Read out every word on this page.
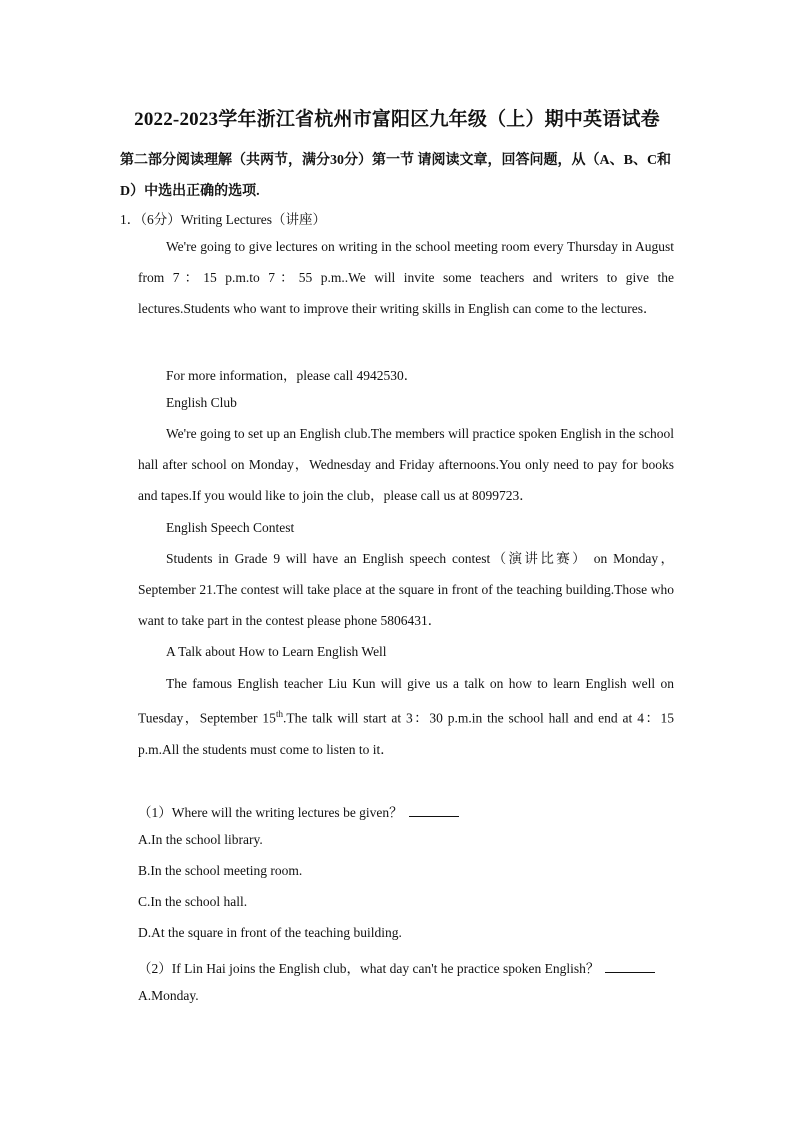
2022-2023学年浙江省杭州市富阳区九年级（上）期中英语试卷
第二部分阅读理解（共两节，满分30分）第一节 请阅读文章，回答问题，从（A、B、C和D）中选出正确的选项.
1．（6分）Writing Lectures（讲座）
We're going to give lectures on writing in the school meeting room every Thursday in August from 7：15 p.m.to 7：55 p.m..We will invite some teachers and writers to give the lectures.Students who want to improve their writing skills in English can come to the lectures．
For more information，please call 4942530．
English Club
We're going to set up an English club.The members will practice spoken English in the school hall after school on Monday，Wednesday and Friday afternoons.You only need to pay for books and tapes.If you would like to join the club，please call us at 8099723．
English Speech Contest
Students in Grade 9 will have an English speech contest（演讲比赛） on Monday，September 21.The contest will take place at the square in front of the teaching building.Those who want to take part in the contest please phone 5806431．
A Talk about How to Learn English Well
The famous English teacher Liu Kun will give us a talk on how to learn English well on Tuesday，September 15th.The talk will start at 3：30 p.m.in the school hall and end at 4：15 p.m.All the students must come to listen to it．
（1）Where will the writing lectures be given？
A.In the school library.
B.In the school meeting room.
C.In the school hall.
D.At the square in front of the teaching building.
（2）If Lin Hai joins the English club，what day can't he practice spoken English？
A.Monday.
